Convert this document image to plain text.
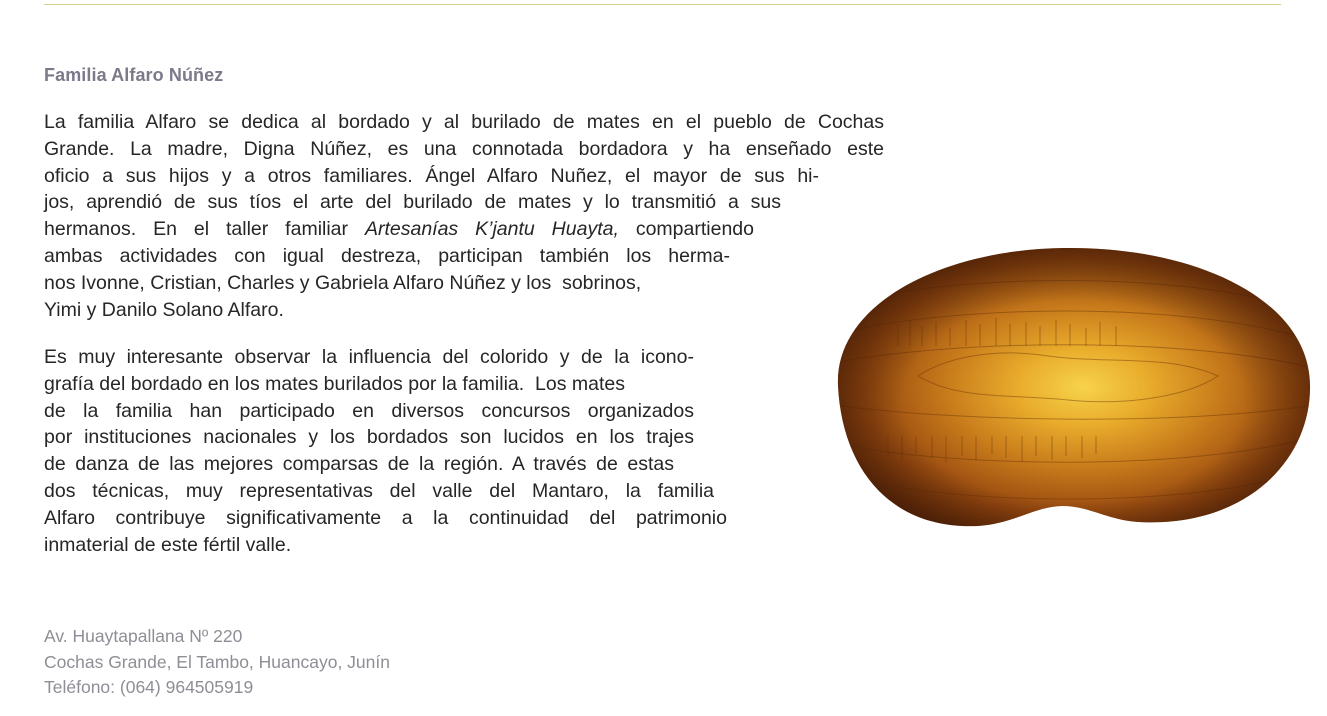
Familia Alfaro Núñez
La familia Alfaro se dedica al bordado y al burilado de mates en el pueblo de Cochas
Grande. La madre, Digna Núñez, es una connotada bordadora y ha enseñado este
oficio a sus hijos y a otros familiares. Ángel Alfaro Nuñez, el mayor de sus hi-
jos, aprendió de sus tíos el arte del burilado de mates y lo transmitió a sus
hermanos. En el taller familiar Artesanías K’jantu Huayta, compartiendo
ambas actividades con igual destreza, participan también los herma-
nos Ivonne, Cristian, Charles y Gabriela Alfaro Núñez y los  sobrinos,
Yimi y Danilo Solano Alfaro.
Es muy interesante observar la influencia del colorido y de la icono-
grafía del bordado en los mates burilados por la familia.  Los mates
de la familia han participado en diversos concursos organizados
por instituciones nacionales y los bordados son lucidos en los trajes
de danza de las mejores comparsas de la región. A través de estas
dos técnicas, muy representativas del valle del Mantaro, la familia
Alfaro contribuye significativamente a la continuidad del patrimonio
inmaterial de este fértil valle.
Av. Huaytapallana Nº 220
Cochas Grande, El Tambo, Huancayo, Junín
Teléfono: (064) 964505919
